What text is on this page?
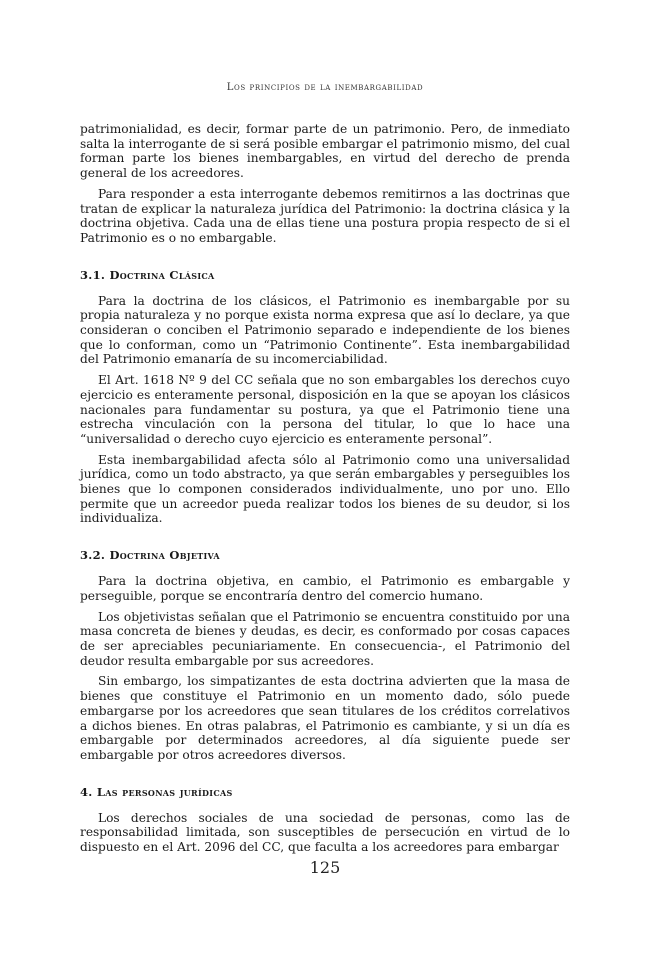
Los principios de la inembargabilidad

patrimonialidad, es decir, formar parte de un patrimonio. Pero, de inmediato salta la interrogante de si será posible embargar el patrimonio mismo, del cual forman parte los bienes inembargables, en virtud del derecho de prenda general de los acreedores.

Para responder a esta interrogante debemos remitirnos a las doctrinas que tratan de explicar la naturaleza jurídica del Patrimonio: la doctrina clásica y la doctrina objetiva. Cada una de ellas tiene una postura propia respecto de si el Patrimonio es o no embargable.

3.1. Doctrina Clásica

Para la doctrina de los clásicos, el Patrimonio es inembargable por su propia naturaleza y no porque exista norma expresa que así lo declare, ya que consideran o conciben el Patrimonio separado e independiente de los bienes que lo conforman, como un “Patrimonio Continente”. Esta inembargabilidad del Patrimonio emanaría de su incomerciabilidad.

El Art. 1618 Nº 9 del CC señala que no son embargables los derechos cuyo ejercicio es enteramente personal, disposición en la que se apoyan los clásicos nacionales para fundamentar su postura, ya que el Patrimonio tiene una estrecha vinculación con la persona del titular, lo que lo hace una “universalidad o derecho cuyo ejercicio es enteramente personal”.

Esta inembargabilidad afecta sólo al Patrimonio como una universalidad jurídica, como un todo abstracto, ya que serán embargables y perseguibles los bienes que lo componen considerados individualmente, uno por uno. Ello permite que un acreedor pueda realizar todos los bienes de su deudor, si los individualiza.

3.2. Doctrina Objetiva

Para la doctrina objetiva, en cambio, el Patrimonio es embargable y perseguible, porque se encontraría dentro del comercio humano.

Los objetivistas señalan que el Patrimonio se encuentra constituido por una masa concreta de bienes y deudas, es decir, es conformado por cosas capaces de ser apreciables pecuniariamente. En consecuencia-, el Patrimonio del deudor resulta embargable por sus acreedores.

Sin embargo, los simpatizantes de esta doctrina advierten que la masa de bienes que constituye el Patrimonio en un momento dado, sólo puede embargarse por los acreedores que sean titulares de los créditos correlativos a dichos bienes. En otras palabras, el Patrimonio es cambiante, y si un día es embargable por determinados acreedores, al día siguiente puede ser embargable por otros acreedores diversos.

4. Las personas jurídicas

Los derechos sociales de una sociedad de personas, como las de responsabilidad limitada, son susceptibles de persecución en virtud de lo dispuesto en el Art. 2096 del CC, que faculta a los acreedores para embargar

125
